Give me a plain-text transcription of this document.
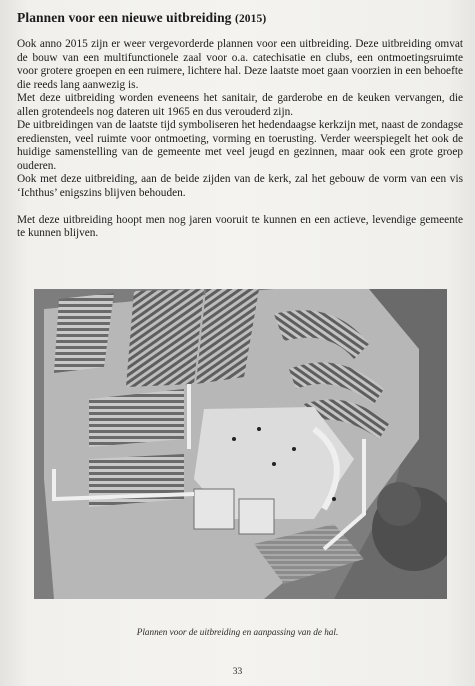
Plannen voor een nieuwe uitbreiding (2015)

Ook anno 2015 zijn er weer vergevorderde plannen voor een uitbreiding. Deze uitbreiding omvat de bouw van een multifunctionele zaal voor o.a. catechisatie en clubs, een ontmoetingsruimte voor grotere groepen en een ruimere, lichtere hal. Deze laatste moet gaan voorzien in een behoefte die reeds lang aanwezig is.

Met deze uitbreiding worden eveneens het sanitair, de garderobe en de keuken vervangen, die allen grotendeels nog dateren uit 1965 en dus verouderd zijn.

De uitbreidingen van de laatste tijd symboliseren het hedendaagse kerkzijn met, naast de zondagse erediensten, veel ruimte voor ontmoeting, vorming en toerusting. Verder weerspiegelt het ook de huidige samenstelling van de gemeente met veel jeugd en gezinnen, maar ook een grote groep ouderen.

Ook met deze uitbreiding, aan de beide zijden van de kerk, zal het gebouw de vorm van een vis ‘Ichthus’ enigszins blijven behouden.

Met deze uitbreiding hoopt men nog jaren vooruit te kunnen en een actieve, levendige gemeente te kunnen blijven.

Plannen voor de uitbreiding en aanpassing van de hal.
33
